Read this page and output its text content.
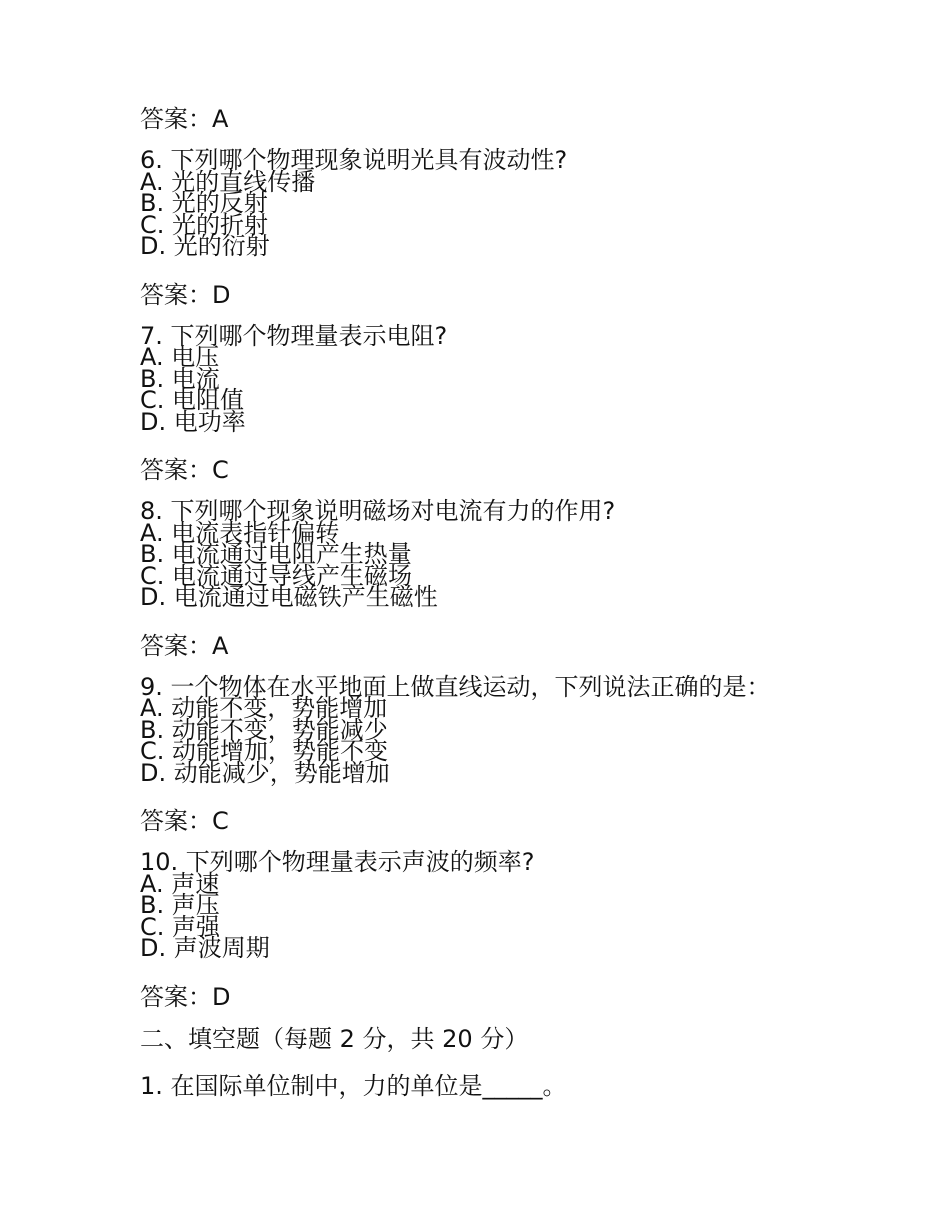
答案：A
6. 下列哪个物理现象说明光具有波动性?
A. 光的直线传播
B. 光的反射
C. 光的折射
D. 光的衍射
答案：D
7. 下列哪个物理量表示电阻?
A. 电压
B. 电流
C. 电阻值
D. 电功率
答案：C
8. 下列哪个现象说明磁场对电流有力的作用?
A. 电流表指针偏转
B. 电流通过电阻产生热量
C. 电流通过导线产生磁场
D. 电流通过电磁铁产生磁性
答案：A
9. 一个物体在水平地面上做直线运动，下列说法正确的是：
A. 动能不变，势能增加
B. 动能不变，势能减少
C. 动能增加，势能不变
D. 动能减少，势能增加
答案：C
10. 下列哪个物理量表示声波的频率?
A. 声速
B. 声压
C. 声强
D. 声波周期
答案：D
二、填空题（每题 2 分，共 20 分）
1. 在国际单位制中，力的单位是_____。
